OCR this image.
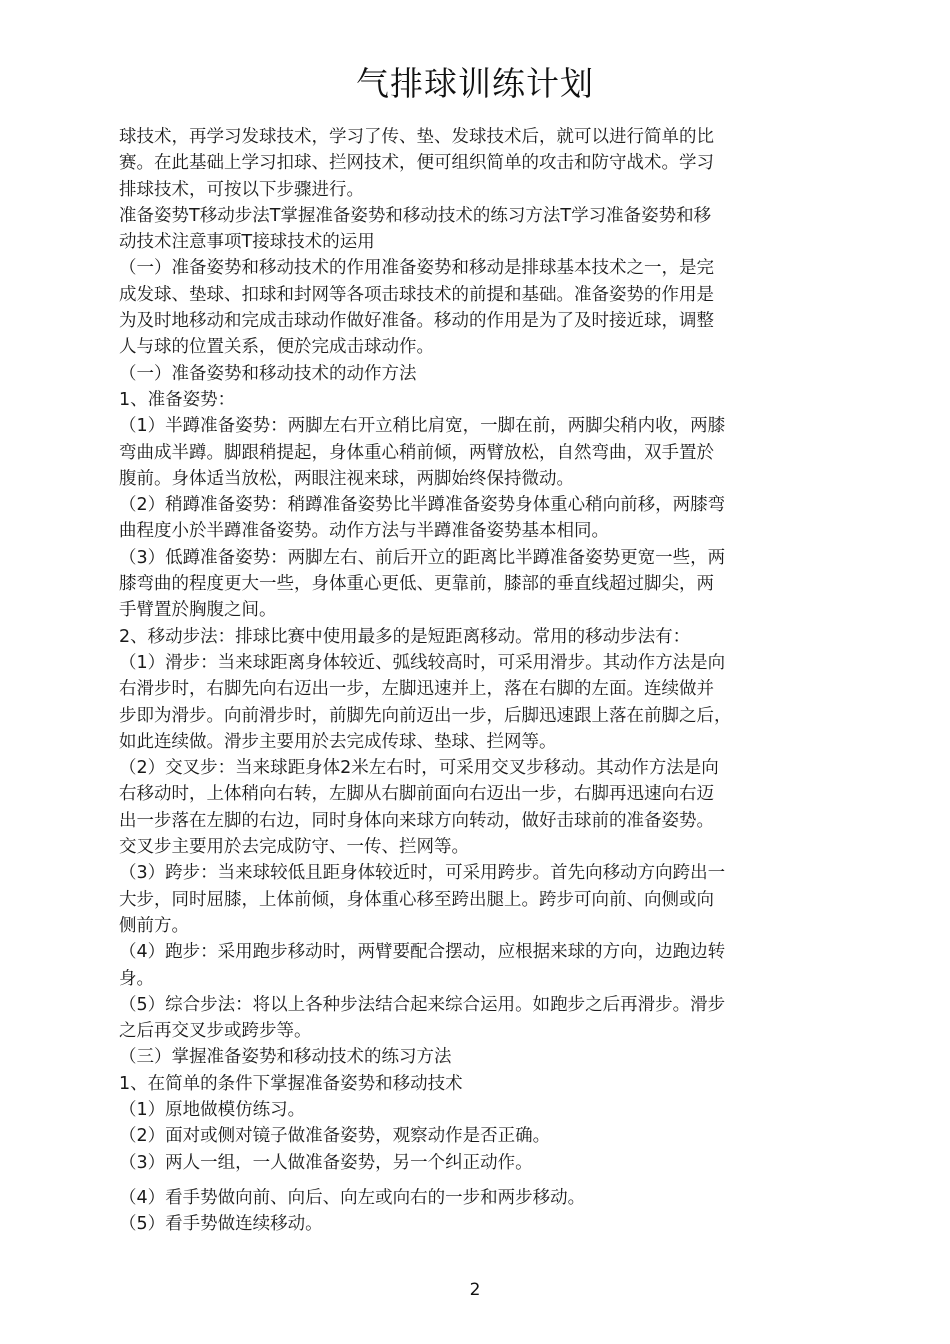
气排球训练计划
球技术，再学习发球技术，学习了传、垫、发球技术后，就可以进行简单的比
赛。在此基础上学习扣球、拦网技术，便可组织简单的攻击和防守战术。学习
排球技术，可按以下步骤进行。
准备姿势T移动步法T掌握准备姿势和移动技术的练习方法T学习准备姿势和移
动技术注意事项T接球技术的运用
（一）准备姿势和移动技术的作用准备姿势和移动是排球基本技术之一，是完
成发球、垫球、扣球和封网等各项击球技术的前提和基础。准备姿势的作用是
为及时地移动和完成击球动作做好准备。移动的作用是为了及时接近球，调整
人与球的位置关系，便於完成击球动作。
（一）准备姿势和移动技术的动作方法
1、准备姿势：
（1）半蹲准备姿势：两脚左右开立稍比肩宽，一脚在前，两脚尖稍内收，两膝
弯曲成半蹲。脚跟稍提起，身体重心稍前倾，两臂放松，自然弯曲，双手置於
腹前。身体适当放松，两眼注视来球，两脚始终保持微动。
（2）稍蹲准备姿势：稍蹲准备姿势比半蹲准备姿势身体重心稍向前移，两膝弯
曲程度小於半蹲准备姿势。动作方法与半蹲准备姿势基本相同。
（3）低蹲准备姿势：两脚左右、前后开立的距离比半蹲准备姿势更宽一些，两
膝弯曲的程度更大一些，身体重心更低、更靠前，膝部的垂直线超过脚尖，两
手臂置於胸腹之间。
2、移动步法：排球比赛中使用最多的是短距离移动。常用的移动步法有：
（1）滑步：当来球距离身体较近、弧线较高时，可采用滑步。其动作方法是向
右滑步时，右脚先向右迈出一步，左脚迅速并上，落在右脚的左面。连续做并
步即为滑步。向前滑步时，前脚先向前迈出一步，后脚迅速跟上落在前脚之后，
如此连续做。滑步主要用於去完成传球、垫球、拦网等。
（2）交叉步：当来球距身体2米左右时，可采用交叉步移动。其动作方法是向
右移动时，上体稍向右转，左脚从右脚前面向右迈出一步，右脚再迅速向右迈
出一步落在左脚的右边，同时身体向来球方向转动，做好击球前的准备姿势。
交叉步主要用於去完成防守、一传、拦网等。
（3）跨步：当来球较低且距身体较近时，可采用跨步。首先向移动方向跨出一
大步，同时屈膝，上体前倾，身体重心移至跨出腿上。跨步可向前、向侧或向
侧前方。
（4）跑步：采用跑步移动时，两臂要配合摆动，应根据来球的方向，边跑边转
身。
（5）综合步法：将以上各种步法结合起来综合运用。如跑步之后再滑步。滑步
之后再交叉步或跨步等。
（三）掌握准备姿势和移动技术的练习方法
1、在简单的条件下掌握准备姿势和移动技术
（1）原地做模仿练习。
（2）面对或侧对镜子做准备姿势，观察动作是否正确。
（3）两人一组，一人做准备姿势，另一个纠正动作。
（4）看手势做向前、向后、向左或向右的一步和两步移动。
（5）看手势做连续移动。
2
